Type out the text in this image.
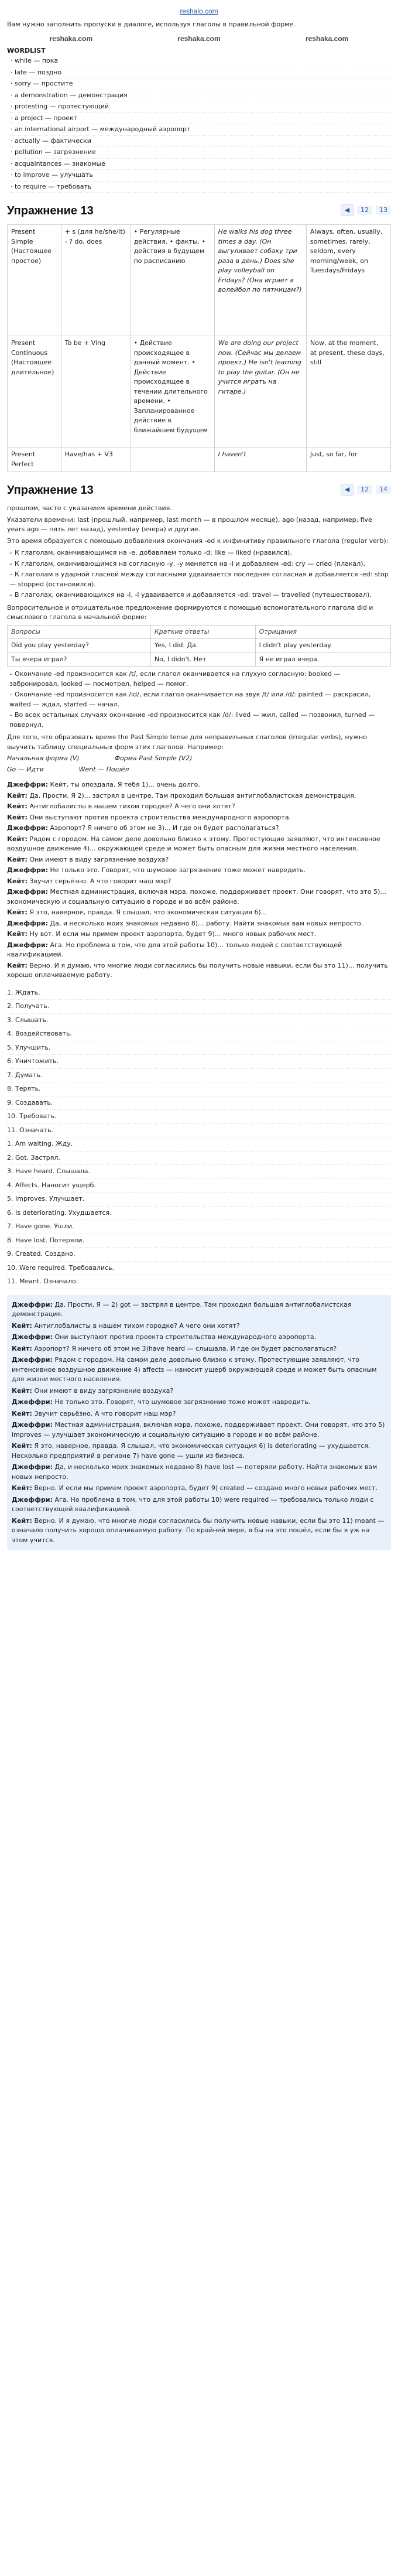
reshalo.com

Вам нужно заполнить пропуски в диалоге, используя глаголы в правильной форме.

reshaka.com	reshaka.com	reshaka.com
WORDLIST
· while — пока
· late — поздно
· sorry — простите
· a demonstration — демонстрация
· protesting — протестующий
· a project — проект
· an international airport — международный аэропорт
· actually — фактически
· pollution — загрязнение
· acquaintances — знакомые
· to improve — улучшать
· to require — требовать
Упражнение 13	◀	12	13
Present Simple (Настоящее простое)	+ s (для he/she/it) - ? do, does	• Регулярные действия. • факты. • действия в будущем по расписанию	He walks his dog three times a day. (Он выгуливает собаку три раза в день.) Does she play volleyball on Fridays? (Она играет в волейбол по пятницам?)	Always, often, usually, sometimes, rarely, seldom, every morning/week, on Tuesdays/Fridays
Present Continuous (Настоящее длительное)	To be + Ving	• Действие происходящее в данный момент. • Действие происходящее в течении длительного времени. • Запланированное действие в ближайшем будущем	We are doing our project now. (Сейчас мы делаем проект.) He isn't learning to play the guitar. (Он не учится играть на гитаре.)	Now, at the moment, at present, these days, still
Present Perfect	Have/has + V3		I haven't	Just, so far, for
Упражнение 13	◀	12	14

прошлом, часто с указанием времени действия.

Указатели времени: last (прошлый, например, last month — в прошлом месяце), ago (назад, например, five years ago — пять лет назад), yesterday (вчера) и другие.

Это время образуется с помощью добавления окончания -ed к инфинитиву правильного глагола (regular verb):

– К глаголам, оканчивающимся на -e, добавляем только -d: like — liked (нравился).
– К глаголам, оканчивающимся на согласную -y, -y меняется на -i и добавляем -ed: cry — cried (плакал).
– К глаголам в ударной гласной между согласными удваивается последняя согласная и добавляется -ed: stop — stopped (остановился).
– В глаголах, оканчивающихся на -l, -l удваивается и добавляется -ed: travel — travelled (путешествовал).

Вопросительное и отрицательное предложение формируются с помощью вспомогательного глагола did и смыслового глагола в начальной форме:

Вопросы	Краткие ответы	Отрицания
Did you play yesterday?	Yes, I did. Да.	I didn't play yesterday.
Ты вчера играл?	No, I didn't. Нет	Я не играл вчера.
– Окончание -ed произносится как /t/, если глагол оканчивается на глухую согласную: booked — забронировал, looked — посмотрел, helped — помог.
– Окончание -ed произносится как /id/, если глагол оканчивается на звук /t/ или /d/: painted — раскрасил, waited — ждал, started — начал.
– Во всех остальных случаях окончание -ed произносится как /d/: lived — жил, called — позвонил, turned — повернул.

Для того, что образовать время the Past Simple tense для неправильных глаголов (irregular verbs), нужно выучить таблицу специальных форм этих глаголов. Например:

Начальная форма (V)	Форма Past Simple (V2)
Go — Идти	Went — Пошёл

Джеффри: Кейт, ты опоздала. Я тебя 1)... очень долго.

Кейт: Да. Прости. Я 2)... застрял в центре. Там проходил большая антиглобалистская демонстрация.

Кейт: Антиглобалисты в нашем тихом городке? А чего они хотят?

Кейт: Они выступают против проекта строительства международного аэропорта.

Джеффри: Аэропорт? Я ничего об этом не 3)... И где он будет располагаться?

Кейт: Рядом с городом. На самом деле довольно близко к этому. Протестующие заявляют, что интенсивное воздушное движение 4)... окружающей среде и может быть опасным для жизни местного населения.

Кейт: Они имеют в виду загрязнение воздуха?

Джеффри: Не только это. Говорят, что шумовое загрязнение тоже может навредить.

Кейт: Звучит серьёзно. А что говорит наш мэр?

Джеффри: Местная администрация, включая мэра, похоже, поддерживает проект. Они говорят, что это 5)... экономическую и социальную ситуацию в городе и во всём районе.

Кейт: Я это, наверное, правда. Я слышал, что экономическая ситуация 6)...

Джеффри: Да, и несколько моих знакомых недавно 8)... работу. Найти знакомых вам новых непросто.

Кейт: Ну вот. И если мы примем проект аэропорта, будет 9)... много новых рабочих мест.

Джеффри: Ага. Но проблема в том, что для этой работы 10)... только людей с соответствующей квалификацией.

Кейт: Верно. И я думаю, что многие люди согласились бы получить новые навыки, если бы это 11)... получить хорошо оплачиваемую работу.

1. Ждать.
2. Получать.
3. Слышать.
4. Воздействовать.
5. Улучшить.
6. Уничтожить.
7. Думать.
8. Терять.
9. Создавать.
10. Требовать.
11. Означать.
1. Am waiting. Жду.
2. Got. Застрял.
3. Have heard. Слышала.
4. Affects. Наносит ущерб.
5. Improves. Улучшает.
6. Is deteriorating. Ухудшается.
7. Have gone. Ушли.
8. Have lost. Потеряли.
9. Created. Создано.
10. Were required. Требовались.
11. Meant. Означало.

Джеффри: Да. Прости, Я — 2) got — застрял в центре. Там проходил большая антиглобалистская демонстрация.

Кейт: Антиглобалисты в нашем тихом городке? А чего они хотят?

Джеффри: Они выступают против проекта строительства международного аэропорта.

Кейт: Аэропорт? Я ничего об этом не 3)have heard — слышала. И где он будет располагаться?

Джеффри: Рядом с городом. На самом деле довольно близко к этому. Протестующие заявляют, что интенсивное воздушное движение 4) affects — наносит ущерб окружающей среде и может быть опасным для жизни местного населения.

Кейт: Они имеют в виду загрязнение воздуха?

Джеффри: Не только это. Говорят, что шумовое загрязнение тоже может навредить.

Кейт: Звучит серьёзно. А что говорит наш мэр?

Джеффри: Местная администрация, включая мэра, похоже, поддерживает проект. Они говорят, что это 5) improves — улучшает экономическую и социальную ситуацию в городе и во всём районе.

Кейт: Я это, наверное, правда. Я слышал, что экономическая ситуация 6) is deteriorating — ухудшается. Несколько предприятий в регионе 7) have gone — ушли из бизнеса.

Джеффри: Да, и несколько моих знакомых недавно 8) have lost — потеряли работу. Найти знакомых вам новых непросто.

Кейт: Верно. И если мы примем проект аэропорта, будет 9) created — создано много новых рабочих мест.

Джеффри: Ага. Но проблема в том, что для этой работы 10) were required — требовались только люди с соответствующей квалификацией.

Кейт: Верно. И я думаю, что многие люди согласились бы получить новые навыки, если бы это 11) meant — означало получить хорошо оплачиваемую работу. По крайней мере, я бы на это пошёл, если бы я уж на этом учится.
